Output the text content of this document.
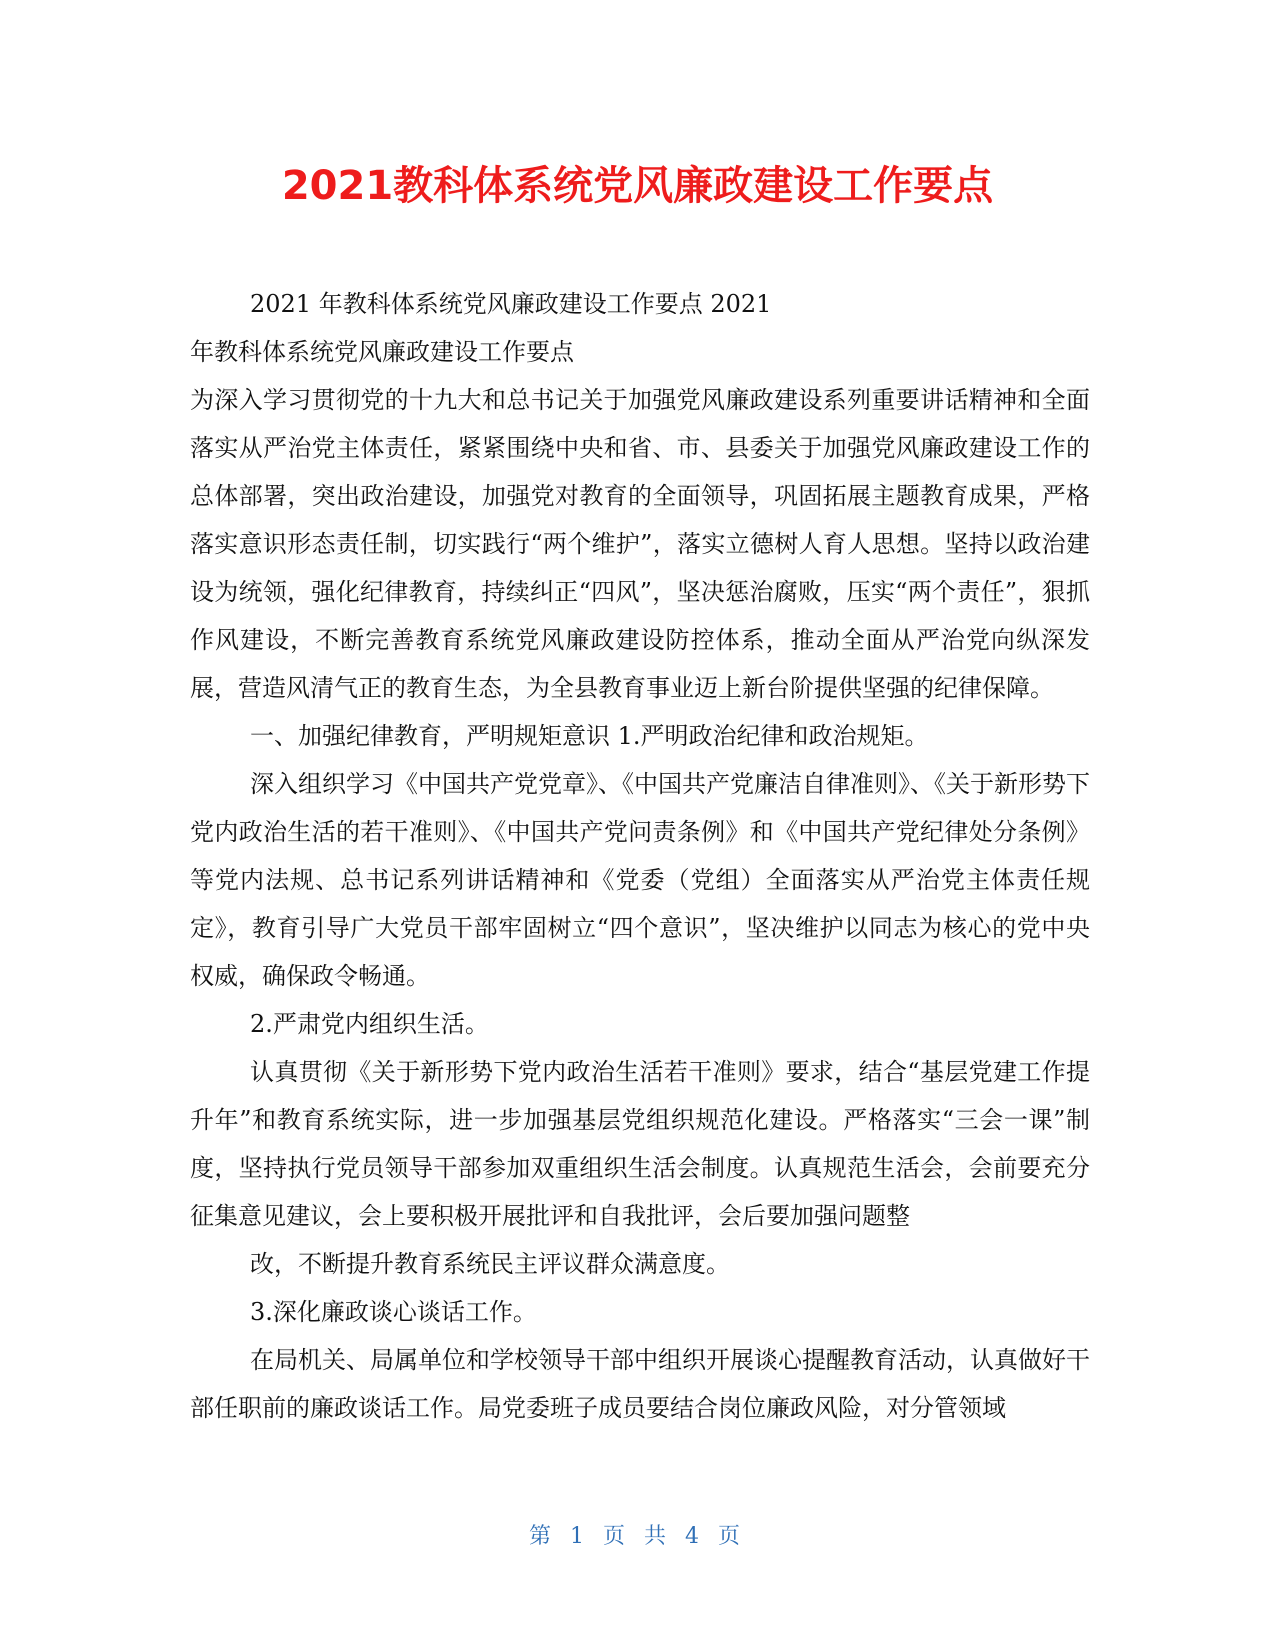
2021教科体系统党风廉政建设工作要点

2021 年教科体系统党风廉政建设工作要点 2021

年教科体系统党风廉政建设工作要点

为深入学习贯彻党的十九大和总书记关于加强党风廉政建设系列重要讲话精神和全面落实从严治党主体责任，紧紧围绕中央和省、市、县委关于加强党风廉政建设工作的总体部署，突出政治建设，加强党对教育的全面领导，巩固拓展主题教育成果，严格落实意识形态责任制，切实践行“两个维护”，落实立德树人育人思想。坚持以政治建设为统领，强化纪律教育，持续纠正“四风”，坚决惩治腐败，压实“两个责任”，狠抓作风建设，不断完善教育系统党风廉政建设防控体系，推动全面从严治党向纵深发展，营造风清气正的教育生态，为全县教育事业迈上新台阶提供坚强的纪律保障。

一、加强纪律教育，严明规矩意识 1.严明政治纪律和政治规矩。

深入组织学习《中国共产党党章》、《中国共产党廉洁自律准则》、《关于新形势下党内政治生活的若干准则》、《中国共产党问责条例》和《中国共产党纪律处分条例》等党内法规、总书记系列讲话精神和《党委（党组）全面落实从严治党主体责任规定》，教育引导广大党员干部牢固树立“四个意识”，坚决维护以同志为核心的党中央权威，确保政令畅通。

2.严肃党内组织生活。

认真贯彻《关于新形势下党内政治生活若干准则》要求，结合“基层党建工作提升年”和教育系统实际，进一步加强基层党组织规范化建设。严格落实“三会一课”制度，坚持执行党员领导干部参加双重组织生活会制度。认真规范生活会，会前要充分征集意见建议，会上要积极开展批评和自我批评，会后要加强问题整

改，不断提升教育系统民主评议群众满意度。

3.深化廉政谈心谈话工作。

在局机关、局属单位和学校领导干部中组织开展谈心提醒教育活动，认真做好干部任职前的廉政谈话工作。局党委班子成员要结合岗位廉政风险，对分管领域

第 1 页 共 4 页
